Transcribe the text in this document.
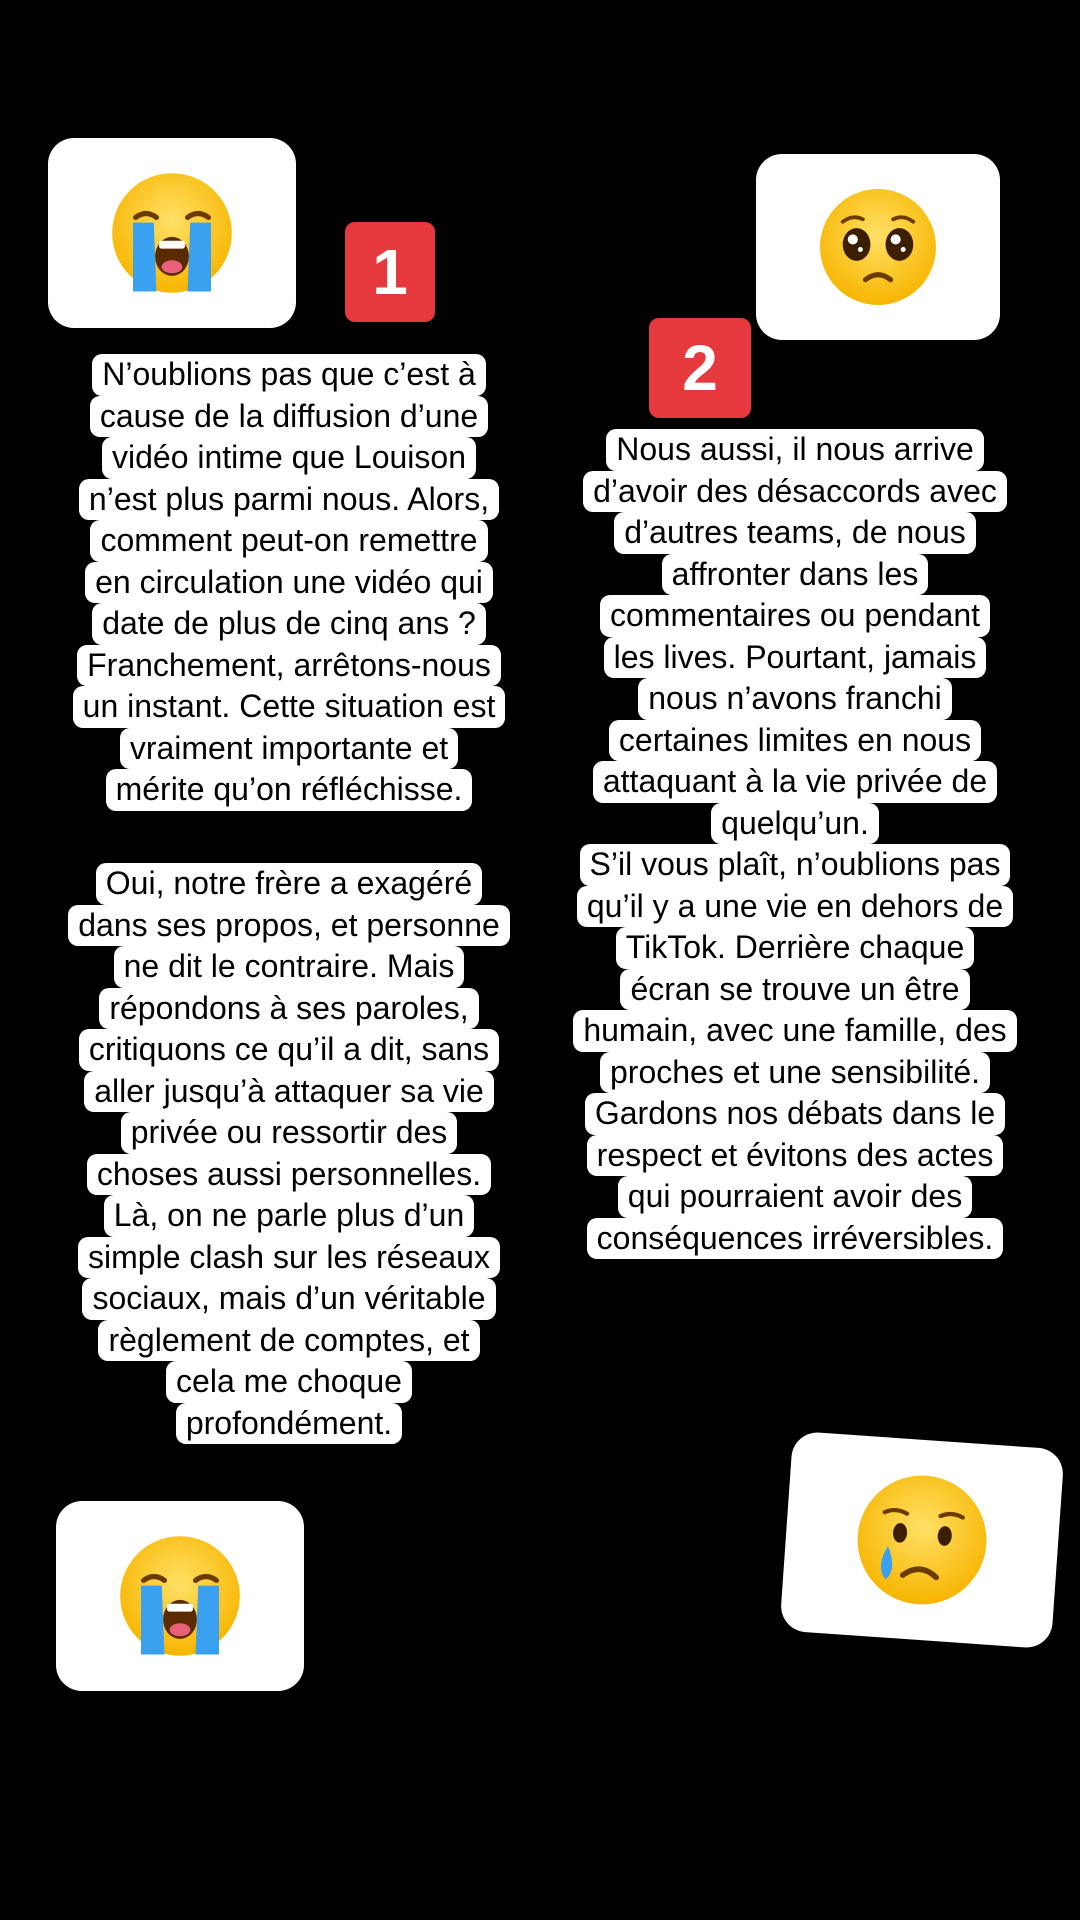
1
2
N’oublions pas que c’est à
cause de la diffusion d’une
vidéo intime que Louison
n’est plus parmi nous. Alors,
comment peut-on remettre
en circulation une vidéo qui
date de plus de cinq ans ?
Franchement, arrêtons-nous
un instant. Cette situation est
vraiment importante et
mérite qu’on réfléchisse.
Oui, notre frère a exagéré
dans ses propos, et personne
ne dit le contraire. Mais
répondons à ses paroles,
critiquons ce qu’il a dit, sans
aller jusqu’à attaquer sa vie
privée ou ressortir des
choses aussi personnelles.
Là, on ne parle plus d’un
simple clash sur les réseaux
sociaux, mais d’un véritable
règlement de comptes, et
cela me choque
profondément.
Nous aussi, il nous arrive
d’avoir des désaccords avec
d’autres teams, de nous
affronter dans les
commentaires ou pendant
les lives. Pourtant, jamais
nous n’avons franchi
certaines limites en nous
attaquant à la vie privée de
quelqu’un.
S’il vous plaît, n’oublions pas
qu’il y a une vie en dehors de
TikTok. Derrière chaque
écran se trouve un être
humain, avec une famille, des
proches et une sensibilité.
Gardons nos débats dans le
respect et évitons des actes
qui pourraient avoir des
conséquences irréversibles.
